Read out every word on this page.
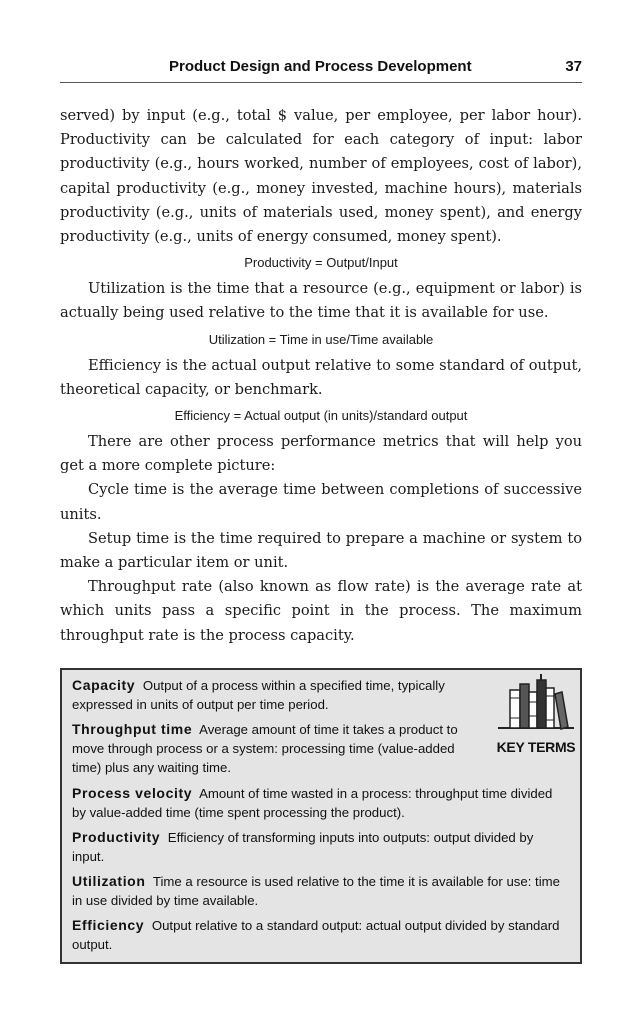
Product Design and Process Development	37

served) by input (e.g., total $ value, per employee, per labor hour). Productivity can be calculated for each category of input: labor productivity (e.g., hours worked, number of employees, cost of labor), capital productivity (e.g., money invested, machine hours), materials productivity (e.g., units of materials used, money spent), and energy productivity (e.g., units of energy consumed, money spent).

Productivity = Output/Input

Utilization is the time that a resource (e.g., equipment or labor) is actually being used relative to the time that it is available for use.

Utilization = Time in use/Time available

Efficiency is the actual output relative to some standard of output, theoretical capacity, or benchmark.

Efficiency = Actual output (in units)/standard output

There are other process performance metrics that will help you get a more complete picture:

Cycle time is the average time between completions of successive units.

Setup time is the time required to prepare a machine or system to make a particular item or unit.

Throughput rate (also known as flow rate) is the average rate at which units pass a specific point in the process. The maximum throughput rate is the process capacity.

KEY TERMS
Capacity Output of a process within a specified time, typically expressed in units of output per time period.
Throughput time Average amount of time it takes a product to move through process or a system: processing time (value-added time) plus any waiting time.
Process velocity Amount of time wasted in a process: throughput time divided by value-added time (time spent processing the product).
Productivity Efficiency of transforming inputs into outputs: output divided by input.
Utilization Time a resource is used relative to the time it is available for use: time in use divided by time available.
Efficiency Output relative to a standard output: actual output divided by standard output.
